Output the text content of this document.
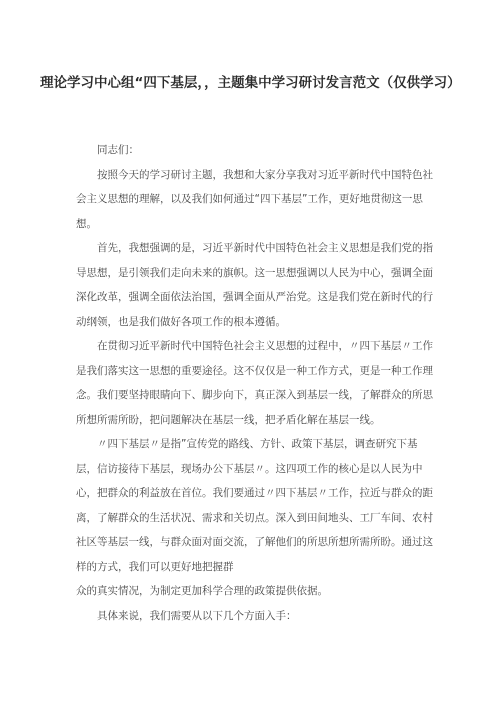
理论学习中心组“四下基层，，主题集中学习研讨发言范文（仅供学习）

同志们：

按照今天的学习研讨主题，我想和大家分享我对习近平新时代中国特色社会主义思想的理解，以及我们如何通过“四下基层”工作，更好地贯彻这一思想。

首先，我想强调的是，习近平新时代中国特色社会主义思想是我们党的指导思想，是引领我们走向未来的旗帜。这一思想强调以人民为中心，强调全面深化改革，强调全面依法治国，强调全面从严治党。这是我们党在新时代的行动纲领，也是我们做好各项工作的根本遵循。

在贯彻习近平新时代中国特色社会主义思想的过程中，〃四下基层〃工作是我们落实这一思想的重要途径。这不仅仅是一种工作方式，更是一种工作理念。我们要坚持眼睛向下、脚步向下，真正深入到基层一线，了解群众的所思所想所需所盼，把问题解决在基层一线，把矛盾化解在基层一线。

〃四下基层〃是指”宣传党的路线、方针、政策下基层，调查研究下基层，信访接待下基层，现场办公下基层〃。这四项工作的核心是以人民为中心，把群众的利益放在首位。我们要通过〃四下基层〃工作，拉近与群众的距离，了解群众的生活状况、需求和关切点。深入到田间地头、工厂车间、农村社区等基层一线，与群众面对面交流，了解他们的所思所想所需所盼。通过这样的方式，我们可以更好地把握群

众的真实情况，为制定更加科学合理的政策提供依据。

具体来说，我们需要从以下几个方面入手：
